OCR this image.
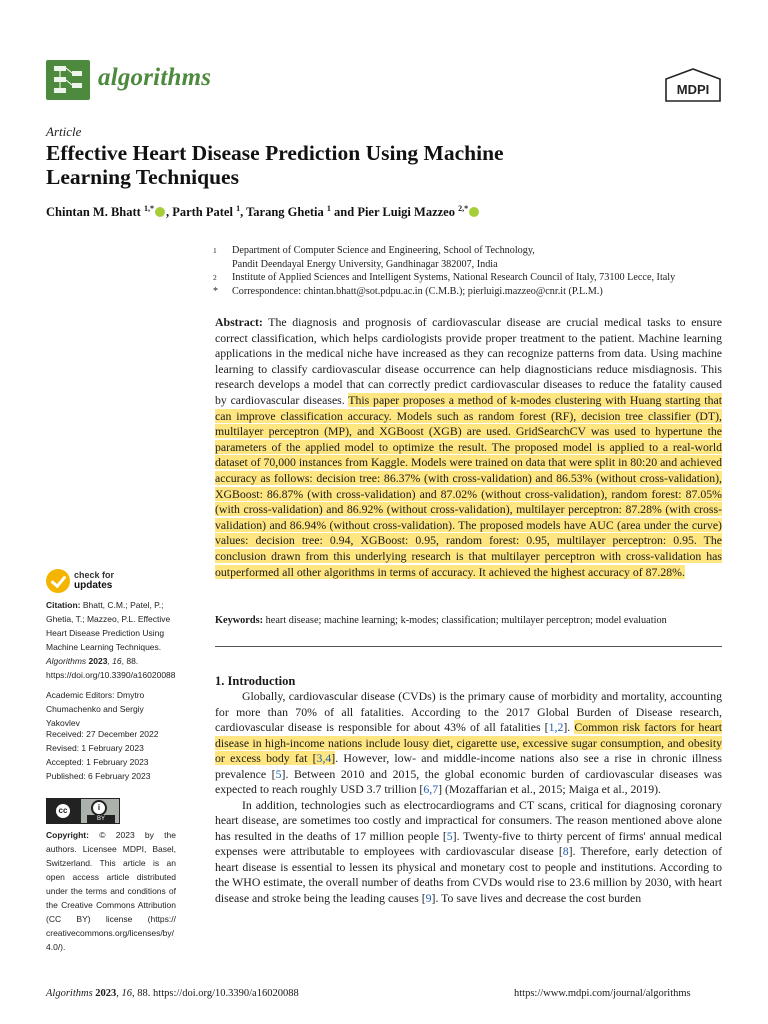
algorithms	MDPI
Article
Effective Heart Disease Prediction Using Machine
Learning Techniques
Chintan M. Bhatt $^{1,*}$ , Parth Patel $^1$, Tarang Ghetia $^1$ and Pier Luigi Mazzeo $^{2,*}$
1 Department of Computer Science and Engineering, School of Technology,
Pandit Deendayal Energy University, Gandhinagar 382007, India
2 Institute of Applied Sciences and Intelligent Systems, National Research Council of Italy, 73100 Lecce, Italy
* Correspondence: chintan.bhatt@sot.pdpu.ac.in (C.M.B.); pierluigi.mazzeo@cnr.it (P.L.M.)
Abstract: The diagnosis and prognosis of cardiovascular disease are crucial medical tasks to ensure correct classification, which helps cardiologists provide proper treatment to the patient. Machine learning applications in the medical niche have increased as they can recognize patterns from data. Using machine learning to classify cardiovascular disease occurrence can help diagnosticians reduce misdiagnosis. This research develops a model that can correctly predict cardiovascular diseases to reduce the fatality caused by cardiovascular diseases. This paper proposes a method of k-modes clustering with Huang starting that can improve classification accuracy. Models such as random forest (RF), decision tree classifier (DT), multilayer perceptron (MP), and XGBoost (XGB) are used. GridSearchCV was used to hypertune the parameters of the applied model to optimize the result. The proposed model is applied to a real-world dataset of 70,000 instances from Kaggle. Models were trained on data that were split in 80:20 and achieved accuracy as follows: decision tree: 86.37% (with cross-validation) and 86.53% (without cross-validation), XGBoost: 86.87% (with cross-validation) and 87.02% (without cross-validation), random forest: 87.05% (with cross-validation) and 86.92% (without cross-validation), multilayer perceptron: 87.28% (with cross-validation) and 86.94% (without cross-validation). The proposed models have AUC (area under the curve) values: decision tree: 0.94, XGBoost: 0.95, random forest: 0.95, multilayer perceptron: 0.95. The conclusion drawn from this underlying research is that multilayer perceptron with cross-validation has outperformed all other algorithms in terms of accuracy. It achieved the highest accuracy of 87.28%.
Keywords: heart disease; machine learning; k-modes; classification; multilayer perceptron; model evaluation
1. Introduction

Globally, cardiovascular disease (CVDs) is the primary cause of morbidity and mortality, accounting for more than 70% of all fatalities. According to the 2017 Global Burden of Disease research, cardiovascular disease is responsible for about 43% of all fatalities [1,2]. Common risk factors for heart disease in high-income nations include lousy diet, cigarette use, excessive sugar consumption, and obesity or excess body fat [3,4]. However, low- and middle-income nations also see a rise in chronic illness prevalence [5]. Between 2010 and 2015, the global economic burden of cardiovascular diseases was expected to reach roughly USD 3.7 trillion [6,7] (Mozaffarian et al., 2015; Maiga et al., 2019).

In addition, technologies such as electrocardiograms and CT scans, critical for diagnosing coronary heart disease, are sometimes too costly and impractical for consumers. The reason mentioned above alone has resulted in the deaths of 17 million people [5]. Twenty-five to thirty percent of firms' annual medical expenses were attributable to employees with cardiovascular disease [8]. Therefore, early detection of heart disease is essential to lessen its physical and monetary cost to people and institutions. According to the WHO estimate, the overall number of deaths from CVDs would rise to 23.6 million by 2030, with heart disease and stroke being the leading causes [9]. To save lives and decrease the cost burden

check for
updates
Citation: Bhatt, C.M.; Patel, P.; Ghetia, T.; Mazzeo, P.L. Effective Heart Disease Prediction Using Machine Learning Techniques. Algorithms 2023, 16, 88. https://doi.org/10.3390/a16020088
Academic Editors: Dmytro Chumachenko and Sergiy Yakovlev
Received: 27 December 2022
Revised: 1 February 2023
Accepted: 1 February 2023
Published: 6 February 2023
cc	i
BY
Copyright: © 2023 by the authors. Licensee MDPI, Basel, Switzerland. This article is an open access article distributed under the terms and conditions of the Creative Commons Attribution (CC BY) license (https:// creativecommons.org/licenses/by/ 4.0/).
Algorithms 2023, 16, 88. https://doi.org/10.3390/a16020088	https://www.mdpi.com/journal/algorithms
